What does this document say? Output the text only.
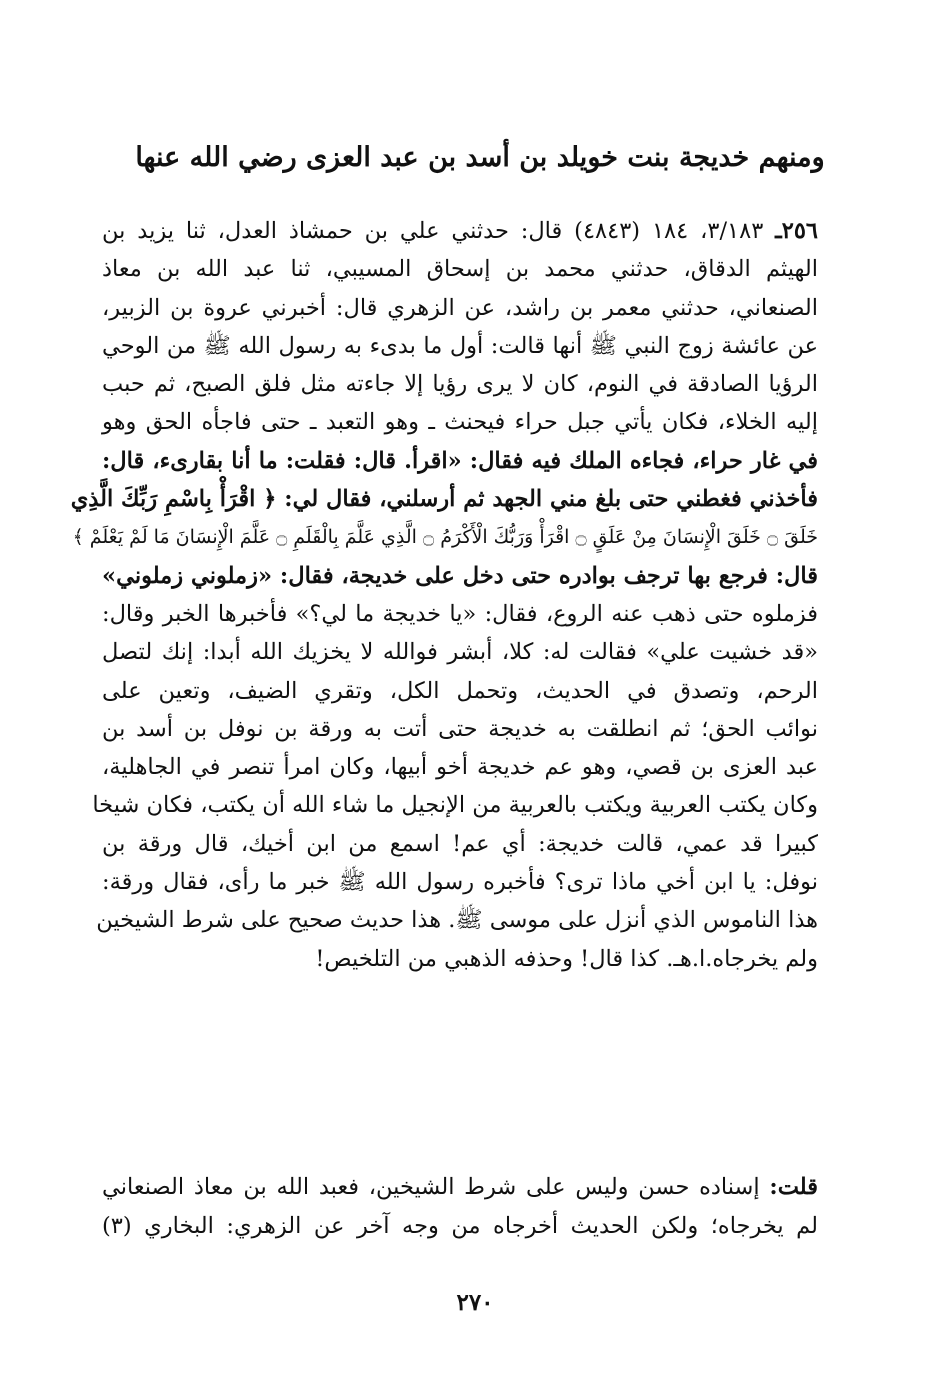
ومنهم خديجة بنت خويلد بن أسد بن عبد العزى رضي الله عنها
٢٥٦ـ ٣/١٨٣، ١٨٤ (٤٨٤٣) قال: حدثني علي بن حمشاذ العدل، ثنا يزيد بن
الهيثم الدقاق، حدثني محمد بن إسحاق المسيبي، ثنا عبد الله بن معاذ
الصنعاني، حدثني معمر بن راشد، عن الزهري قال: أخبرني عروة بن الزبير،
عن عائشة زوج النبي ﷺ أنها قالت: أول ما بدىء به رسول الله ﷺ من الوحي
الرؤيا الصادقة في النوم، كان لا يرى رؤيا إلا جاءته مثل فلق الصبح، ثم حبب
إليه الخلاء، فكان يأتي جبل حراء فيحنث ـ وهو التعبد ـ حتى فاجأه الحق وهو
في غار حراء، فجاءه الملك فيه فقال: «اقرأ. قال: فقلت: ما أنا بقارىء، قال:
فأخذني فغطني حتى بلغ مني الجهد ثم أرسلني، فقال لي: ﴿ اقْرَأْ بِاسْمِ رَبِّكَ الَّذِي
خَلَقَ ۝ خَلَقَ الْإِنسَانَ مِنْ عَلَقٍ ۝ اقْرَأْ وَرَبُّكَ الْأَكْرَمُ ۝ الَّذِي عَلَّمَ بِالْقَلَمِ ۝ عَلَّمَ الْإِنسَانَ مَا لَمْ يَعْلَمْ ﴾
قال: فرجع بها ترجف بوادره حتى دخل على خديجة، فقال: «زملوني زملوني»
فزملوه حتى ذهب عنه الروع، فقال: «يا خديجة ما لي؟» فأخبرها الخبر وقال:
«قد خشيت علي» فقالت له: كلا، أبشر فوالله لا يخزيك الله أبدا: إنك لتصل
الرحم، وتصدق في الحديث، وتحمل الكل، وتقري الضيف، وتعين على
نوائب الحق؛ ثم انطلقت به خديجة حتى أتت به ورقة بن نوفل بن أسد بن
عبد العزى بن قصي، وهو عم خديجة أخو أبيها، وكان امرأ تنصر في الجاهلية،
وكان يكتب العربية ويكتب بالعربية من الإنجيل ما شاء الله أن يكتب، فكان شيخا
كبيرا قد عمي، قالت خديجة: أي عم! اسمع من ابن أخيك، قال ورقة بن
نوفل: يا ابن أخي ماذا ترى؟ فأخبره رسول الله ﷺ خبر ما رأى، فقال ورقة:
هذا الناموس الذي أنزل على موسى ﷺ. هذا حديث صحيح على شرط الشيخين
ولم يخرجاه.ا.هـ. كذا قال! وحذفه الذهبي من التلخيص!
قلت: إسناده حسن وليس على شرط الشيخين، فعبد الله بن معاذ الصنعاني
لم يخرجاه؛ ولكن الحديث أخرجاه من وجه آخر عن الزهري: البخاري (٣)
٢٧٠
